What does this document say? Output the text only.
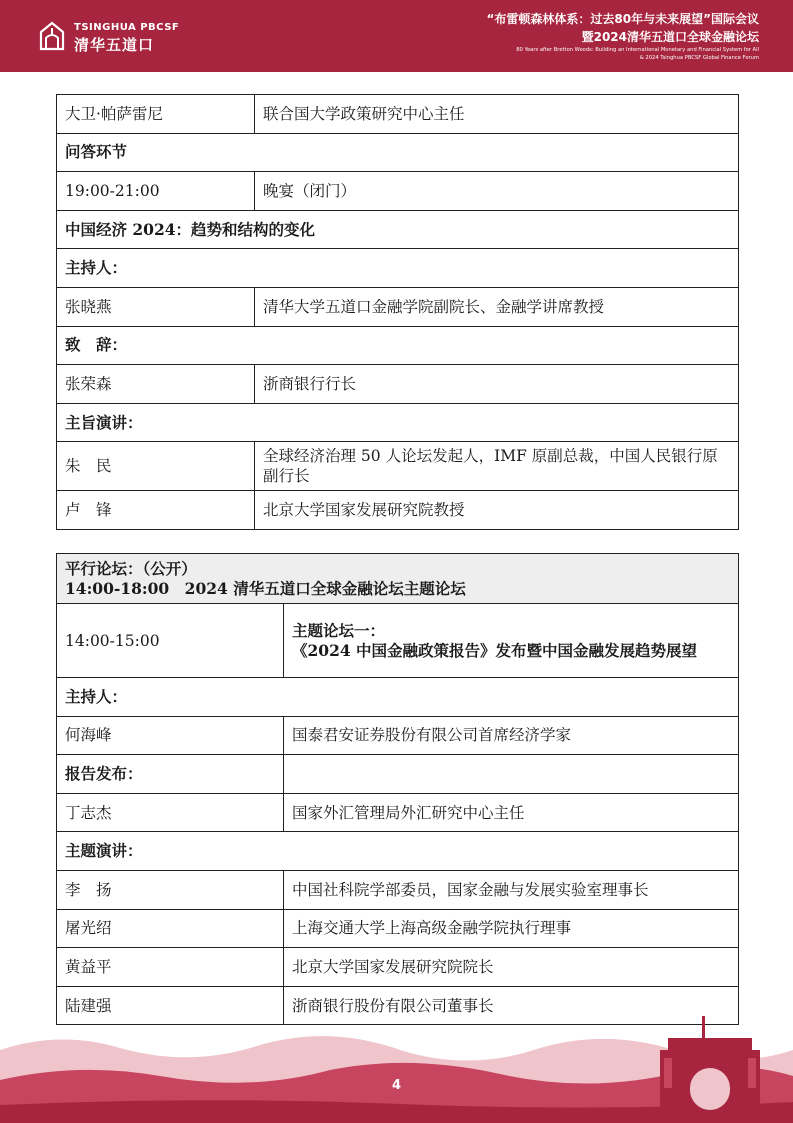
TSINGHUA PBCSF
清华五道口
“布雷顿森林体系：过去80年与未来展望”国际会议
暨2024清华五道口全球金融论坛
80 Years after Bretton Woods: Building an International Monetary and Financial System for All
& 2024 Tsinghua PBCSF Global Finance Forum
大卫·帕萨雷尼	联合国大学政策研究中心主任
问答环节	
19:00-21:00	晚宴（闭门）
中国经济 2024：趋势和结构的变化	
主持人：	
张晓燕	清华大学五道口金融学院副院长、金融学讲席教授
致　辞：	
张荣森	浙商银行行长
主旨演讲：	
朱　民	全球经济治理 50 人论坛发起人，IMF 原副总裁，中国人民银行原副行长
卢　锋	北京大学国家发展研究院教授
平行论坛：（公开）
14:00-18:00　2024 清华五道口全球金融论坛主题论坛	

14:00-15:00	主题论坛一：
《2024 中国金融政策报告》发布暨中国金融发展趋势展望

主持人：	
何海峰	国泰君安证券股份有限公司首席经济学家
报告发布：	
丁志杰	国家外汇管理局外汇研究中心主任
主题演讲：	
李　扬	中国社科院学部委员，国家金融与发展实验室理事长
屠光绍	上海交通大学上海高级金融学院执行理事
黄益平	北京大学国家发展研究院院长
陆建强	浙商银行股份有限公司董事长
4
